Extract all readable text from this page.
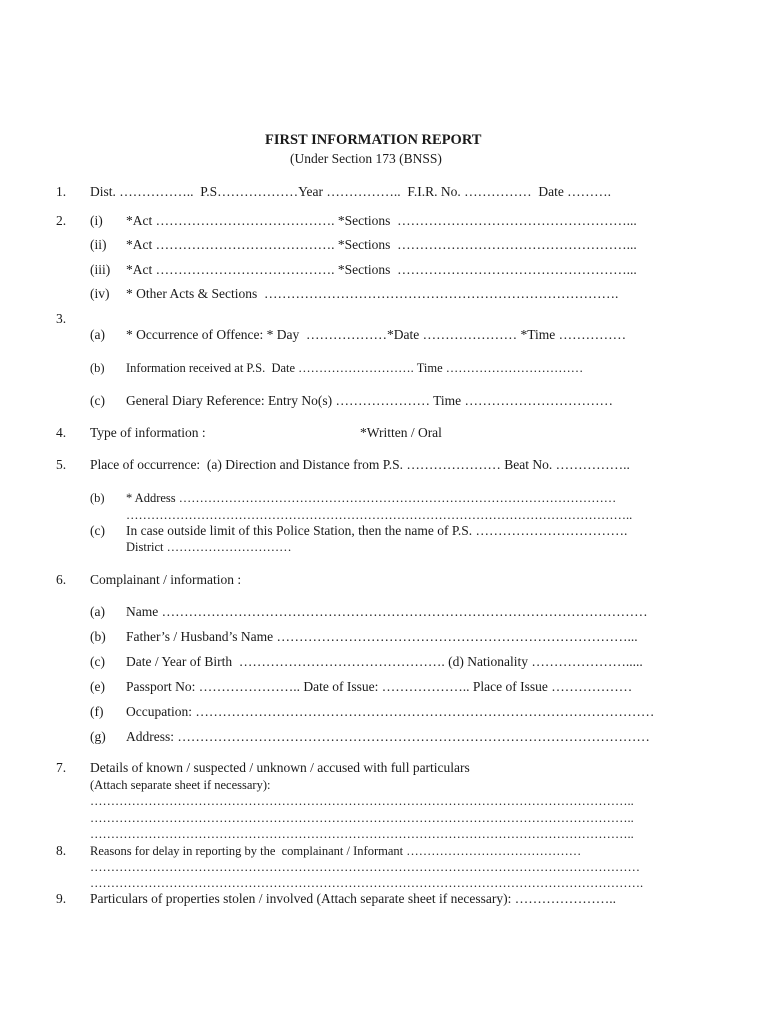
FIRST INFORMATION REPORT
(Under Section 173 (BNSS)
1. Dist. ……………..  P.S………………Year ……………..  F.I.R. No. ……………  Date ……….
2. (i) *Act …………………………………. *Sections  ……………………………………………...
(ii) *Act …………………………………. *Sections  ……………………………………………...
(iii) *Act …………………………………. *Sections  ……………………………………………...
(iv) * Other Acts & Sections  …………………………………………………………………….
3.
(a) * Occurrence of Offence: * Day  ………………*Date ………………… *Time ……………
(b) Information received at P.S.  Date ………………………. Time ……………………………
(c) General Diary Reference: Entry No(s) ………………… Time ……………………………
4. Type of information :	*Written / Oral
5. Place of occurrence:  (a) Direction and Distance from P.S. ………………… Beat No. ……………..
(b) * Address ……………………………………………………………………………………………
…………………………………………………………………………………………………………..
(c) In case outside limit of this Police Station, then the name of P.S. …………………………….
District …………………………
6. Complainant / information :
(a) Name ………………………………………………………………………………………………
(b) Father’s / Husband’s Name ……………………………………………………………………...
(c) Date / Year of Birth  ………………………………………. (d) Nationality ………………….....
(e) Passport No: ………………….. Date of Issue: ……………….. Place of Issue ………………
(f) Occupation: …………………………………………………………………………………………
(g) Address: ……………………………………………………………………………………………
7. Details of known / suspected / unknown / accused with full particulars
(Attach separate sheet if necessary):
…………………………………………………………………………………………………………………..
…………………………………………………………………………………………………………………..
…………………………………………………………………………………………………………………..
8. Reasons for delay in reporting by the  complainant / Informant ……………………………………
……………………………………………………………………………………………………………………
…………………………………………………………………………………………………………………….
9. Particulars of properties stolen / involved (Attach separate sheet if necessary): …………………..
